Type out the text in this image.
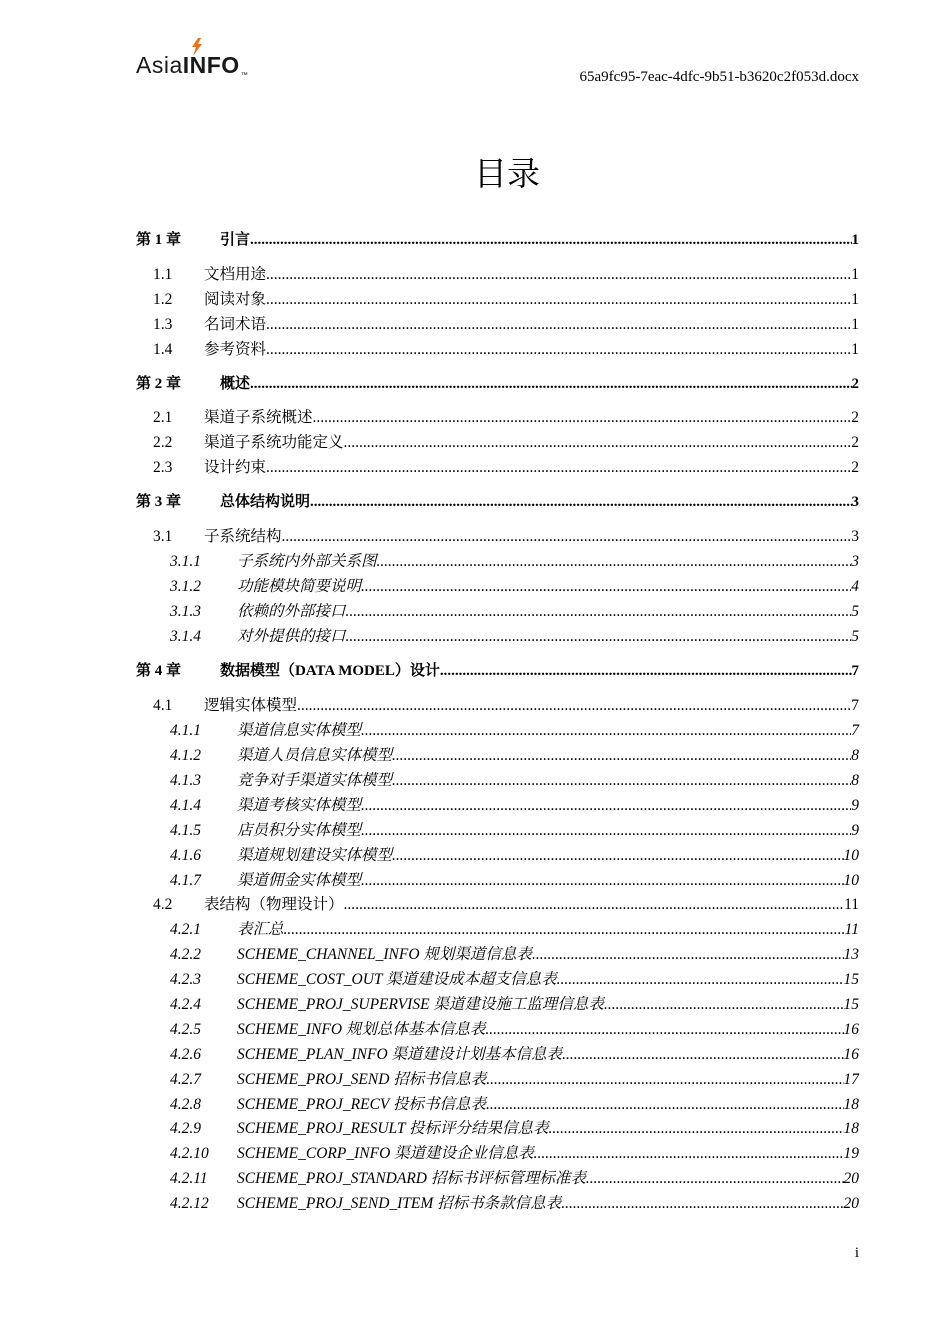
AsiaINFO™	65a9fc95-7eac-4dfc-9b51-b3620c2f053d.docx
目录
第 1 章	引言 .....	1
1.1	文档用途 .....	1
1.2	阅读对象 .....	1
1.3	名词术语 .....	1
1.4	参考资料 .....	1
第 2 章	概述 .....	2
2.1	渠道子系统概述 .....	2
2.2	渠道子系统功能定义 .....	2
2.3	设计约束 .....	2
第 3 章	总体结构说明 .....	3
3.1	子系统结构 .....	3
3.1.1	子系统内外部关系图 .....	3
3.1.2	功能模块简要说明 .....	4
3.1.3	依赖的外部接口 .....	5
3.1.4	对外提供的接口 .....	5
第 4 章	数据模型（DATA MODEL）设计 .....	7
4.1	逻辑实体模型 .....	7
4.1.1	渠道信息实体模型 .....	7
4.1.2	渠道人员信息实体模型 .....	8
4.1.3	竞争对手渠道实体模型 .....	8
4.1.4	渠道考核实体模型 .....	9
4.1.5	店员积分实体模型 .....	9
4.1.6	渠道规划建设实体模型 .....	10
4.1.7	渠道佣金实体模型 .....	10
4.2	表结构（物理设计） .....	11
4.2.1	表汇总 .....	11
4.2.2	SCHEME_CHANNEL_INFO 规划渠道信息表 .....	13
4.2.3	SCHEME_COST_OUT 渠道建设成本超支信息表 .....	15
4.2.4	SCHEME_PROJ_SUPERVISE 渠道建设施工监理信息表 .....	15
4.2.5	SCHEME_INFO 规划总体基本信息表 .....	16
4.2.6	SCHEME_PLAN_INFO 渠道建设计划基本信息表 .....	16
4.2.7	SCHEME_PROJ_SEND 招标书信息表 .....	17
4.2.8	SCHEME_PROJ_RECV 投标书信息表 .....	18
4.2.9	SCHEME_PROJ_RESULT 投标评分结果信息表 .....	18
4.2.10	SCHEME_CORP_INFO 渠道建设企业信息表 .....	19
4.2.11	SCHEME_PROJ_STANDARD 招标书评标管理标准表 .....	20
4.2.12	SCHEME_PROJ_SEND_ITEM 招标书条款信息表 .....	20
i
